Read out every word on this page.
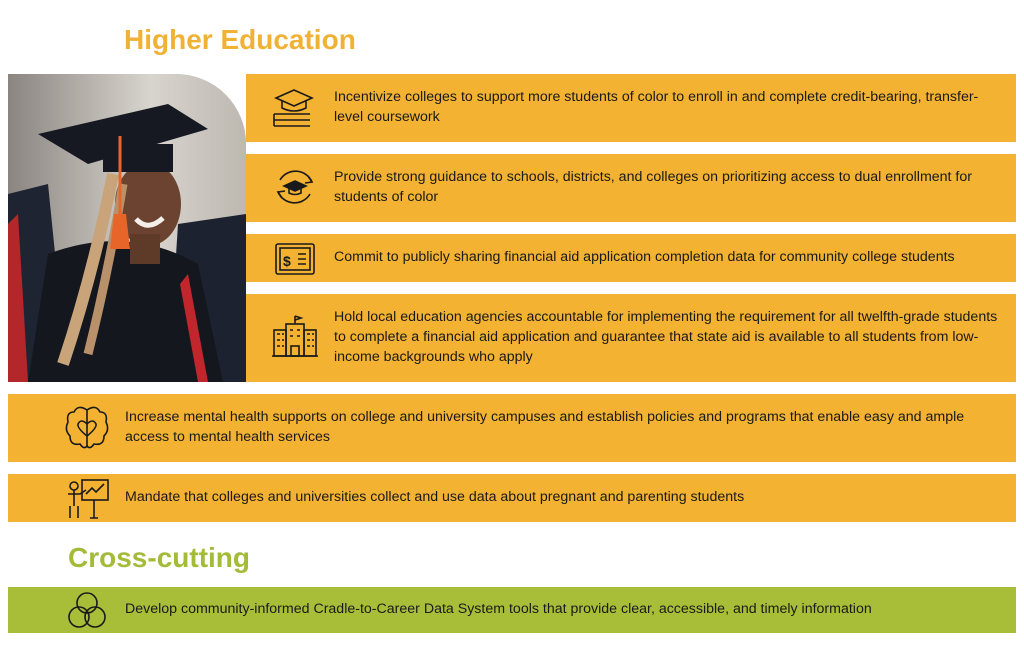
Higher Education
Incentivize colleges to support more students of color to enroll in and complete credit-bearing, transfer-level coursework
Provide strong guidance to schools, districts, and colleges on prioritizing access to dual enrollment for students of color
$	Commit to publicly sharing financial aid application completion data for community college students
Hold local education agencies accountable for implementing the requirement for all twelfth-grade students to complete a financial aid application and guarantee that state aid is available to all students from low-income backgrounds who apply
Increase mental health supports on college and university campuses and establish policies and programs that enable easy and ample access to mental health services
Mandate that colleges and universities collect and use data about pregnant and parenting students
Cross-cutting
Develop community-informed Cradle-to-Career Data System tools that provide clear, accessible, and timely information
